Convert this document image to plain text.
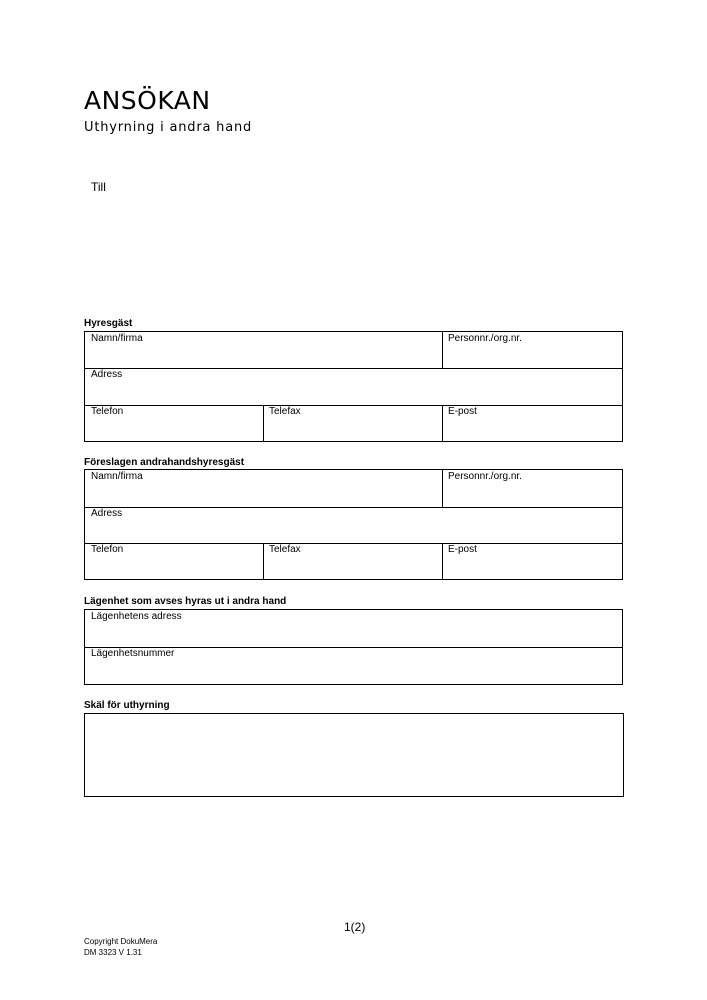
ANSÖKAN
Uthyrning i andra hand
Till
Hyresgäst
Namn/firma	Personnr./org.nr.
Adress
Telefon	Telefax	E-post
Föreslagen andrahandshyresgäst
Namn/firma	Personnr./org.nr.
Adress
Telefon	Telefax	E-post
Lägenhet som avses hyras ut i andra hand
Lägenhetens adress
Lägenhetsnummer
Skäl för uthyrning
1(2)
Copyright DokuMera
DM 3323 V 1.31
